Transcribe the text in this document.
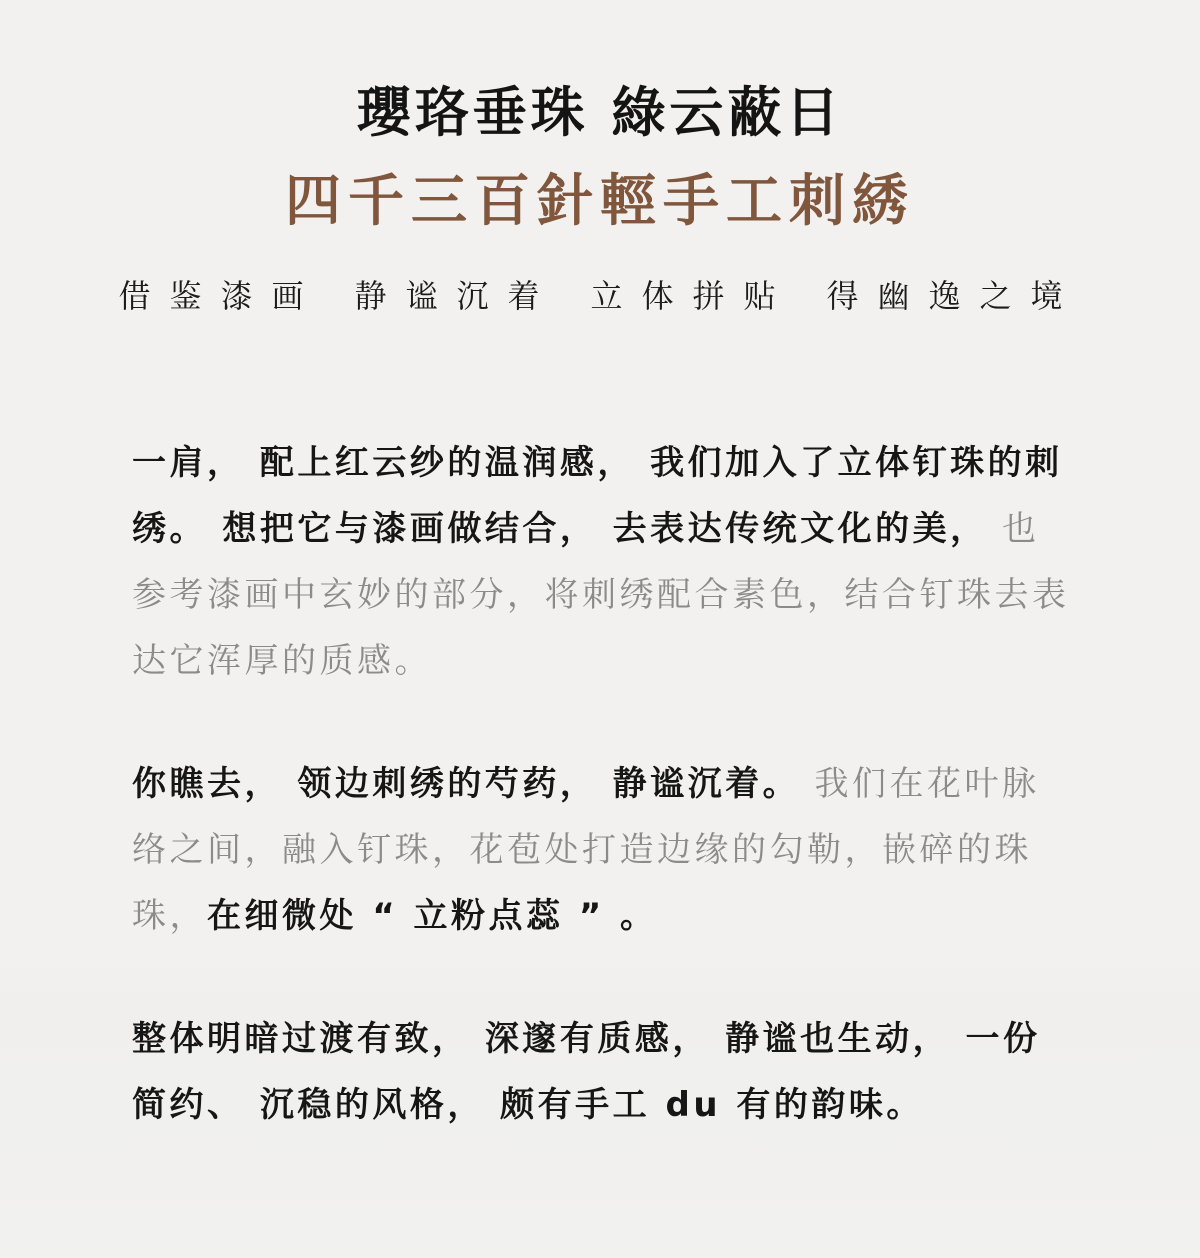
瓔珞垂珠 綠云蔽日
四千三百針輕手工刺綉
借鉴漆画 静谧沉着 立体拼贴 得幽逸之境

一肩， 配上红云纱的温润感， 我们加入了立体钉珠的刺绣。 想把它与漆画做结合， 去表达传统文化的美， 也参考漆画中玄妙的部分，将刺绣配合素色，结合钉珠去表达它浑厚的质感。

你瞧去， 领边刺绣的芍药， 静谧沉着。 我们在花叶脉络之间，融入钉珠，花苞处打造边缘的勾勒，嵌碎的珠珠，在细微处 “ 立粉点蕊 ” 。

整体明暗过渡有致， 深邃有质感， 静谧也生动， 一份简约、 沉稳的风格， 颇有手工 du 有的韵味。
